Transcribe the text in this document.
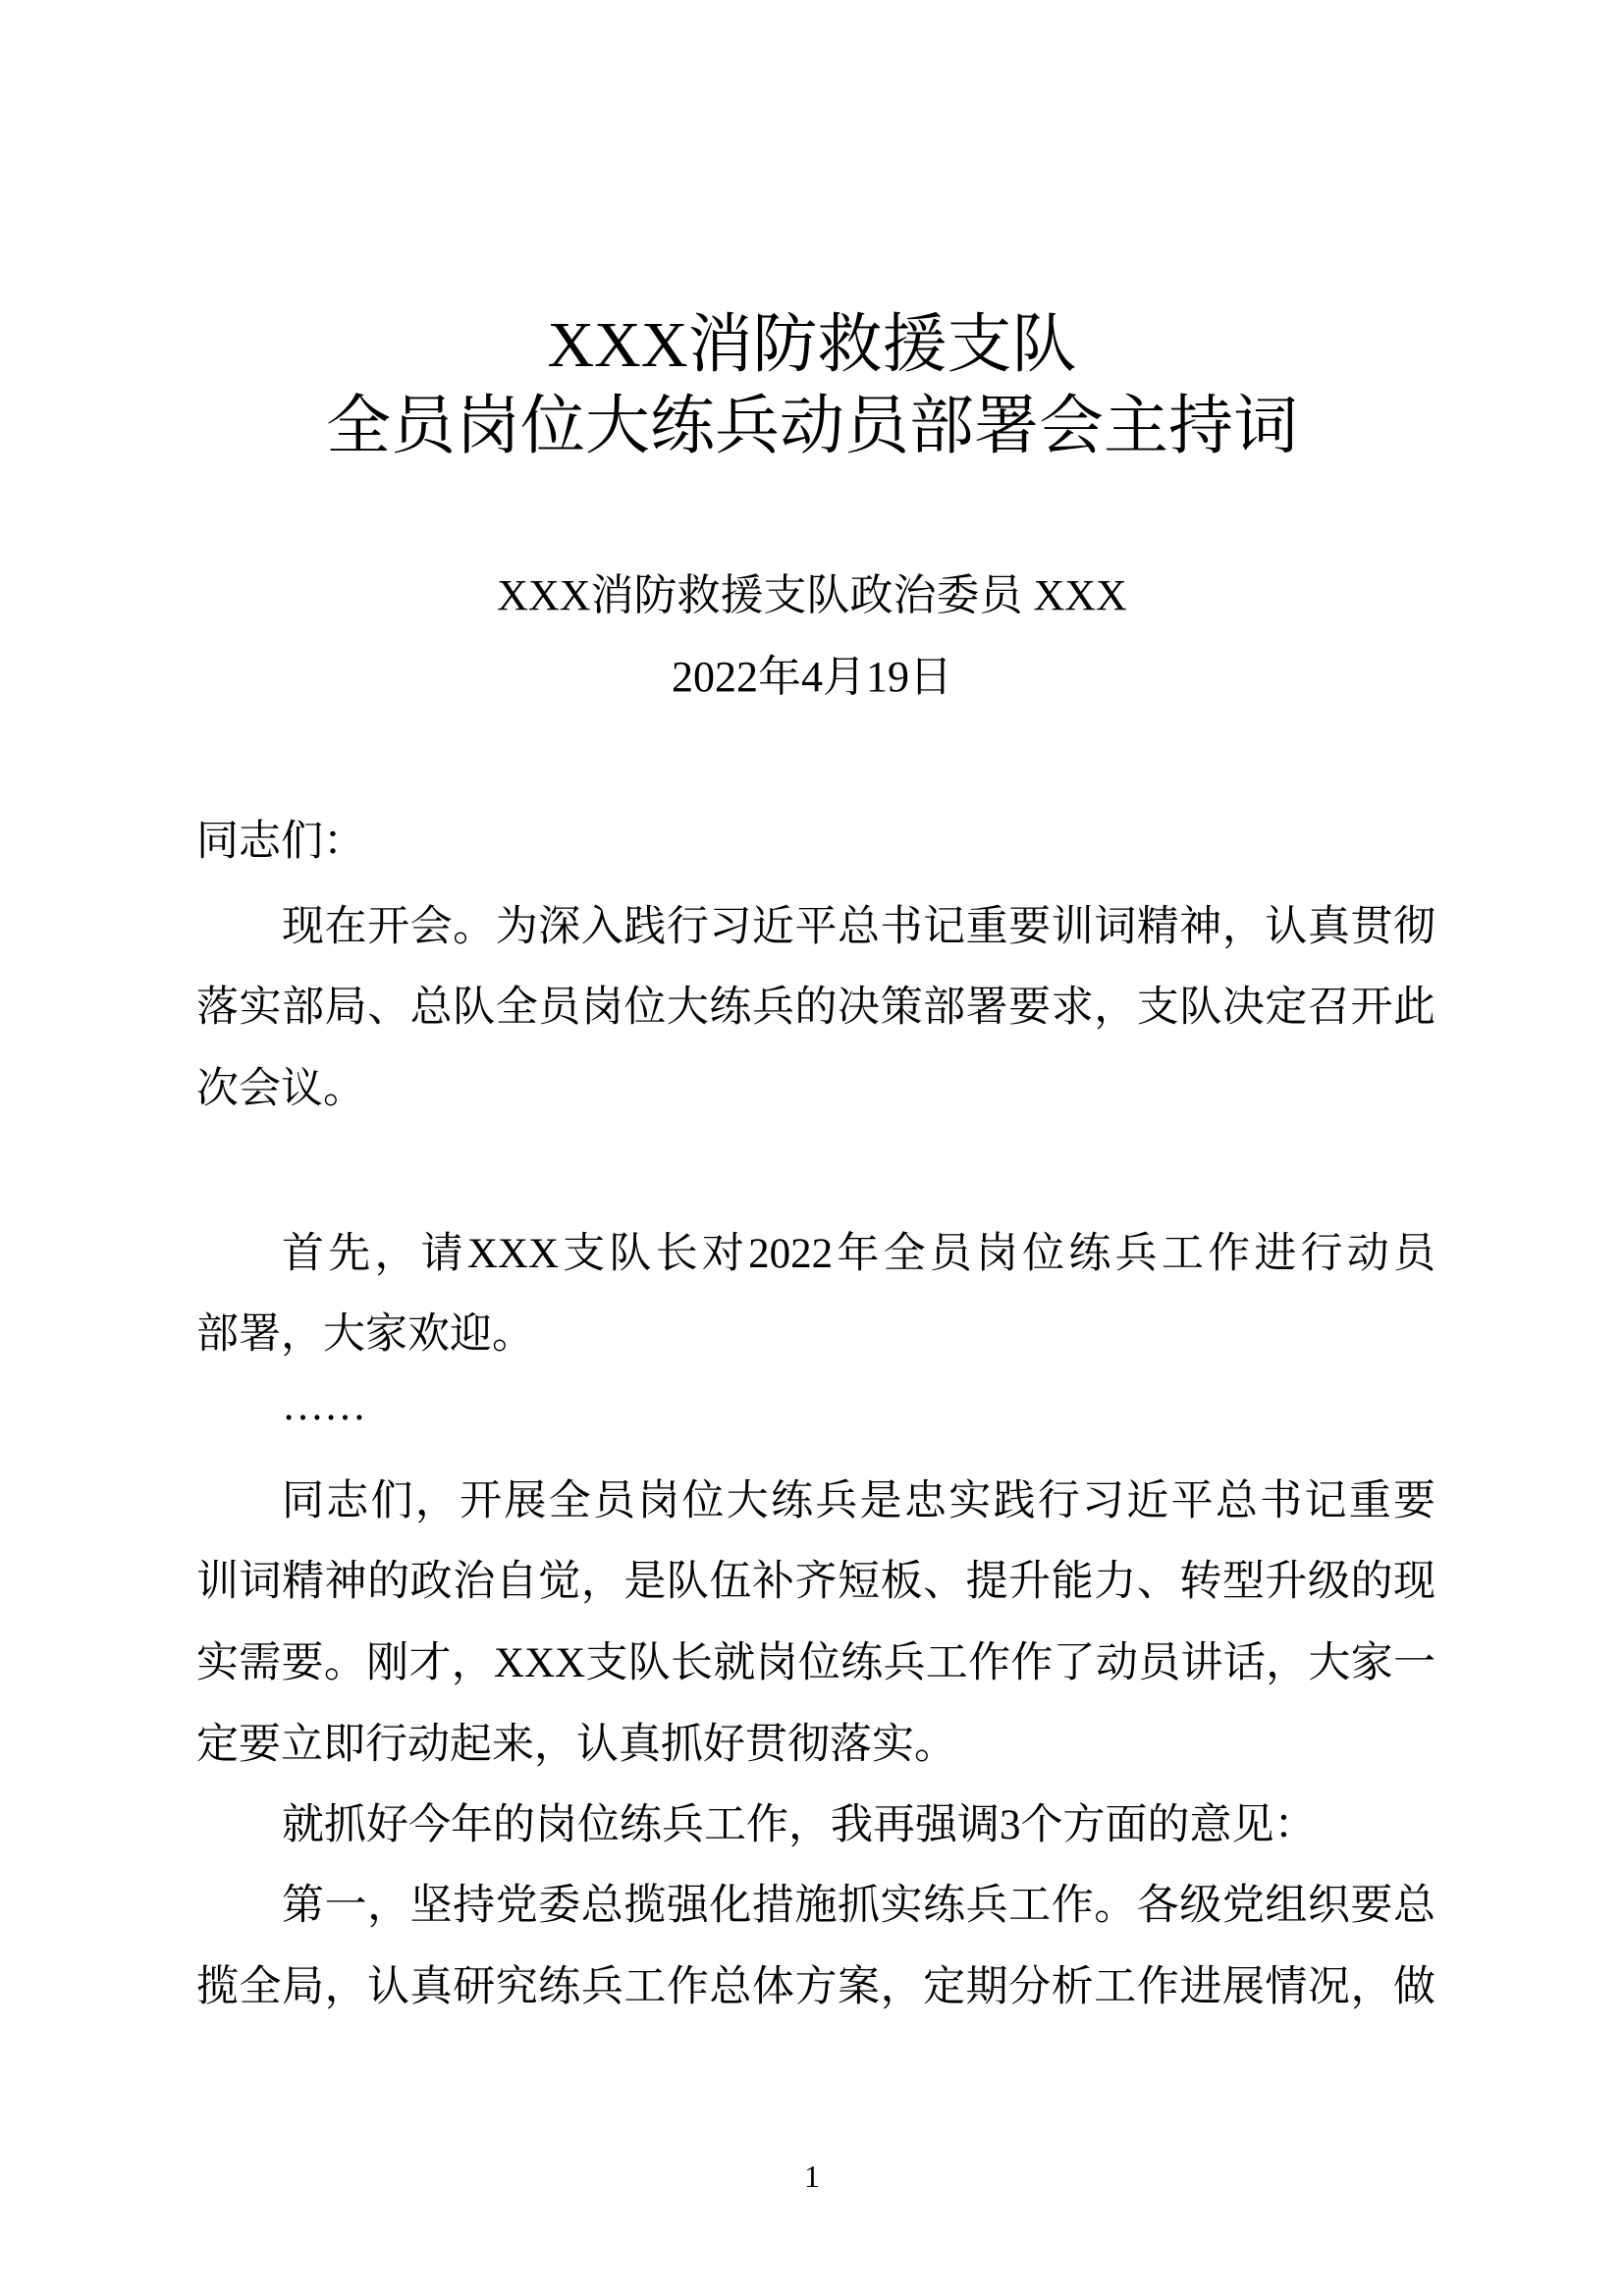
XXX消防救援支队
全员岗位大练兵动员部署会主持词
XXX消防救援支队政治委员 XXX
2022年4月19日
同志们：
现在开会。为深入践行习近平总书记重要训词精神，认真贯彻
落实部局、总队全员岗位大练兵的决策部署要求，支队决定召开此
次会议。
首先，请XXX支队长对2022年全员岗位练兵工作进行动员
部署，大家欢迎。
……
同志们，开展全员岗位大练兵是忠实践行习近平总书记重要
训词精神的政治自觉，是队伍补齐短板、提升能力、转型升级的现
实需要。刚才，XXX支队长就岗位练兵工作作了动员讲话，大家一
定要立即行动起来，认真抓好贯彻落实。
就抓好今年的岗位练兵工作，我再强调3个方面的意见：
第一，坚持党委总揽强化措施抓实练兵工作。各级党组织要总
揽全局，认真研究练兵工作总体方案，定期分析工作进展情况，做
1
